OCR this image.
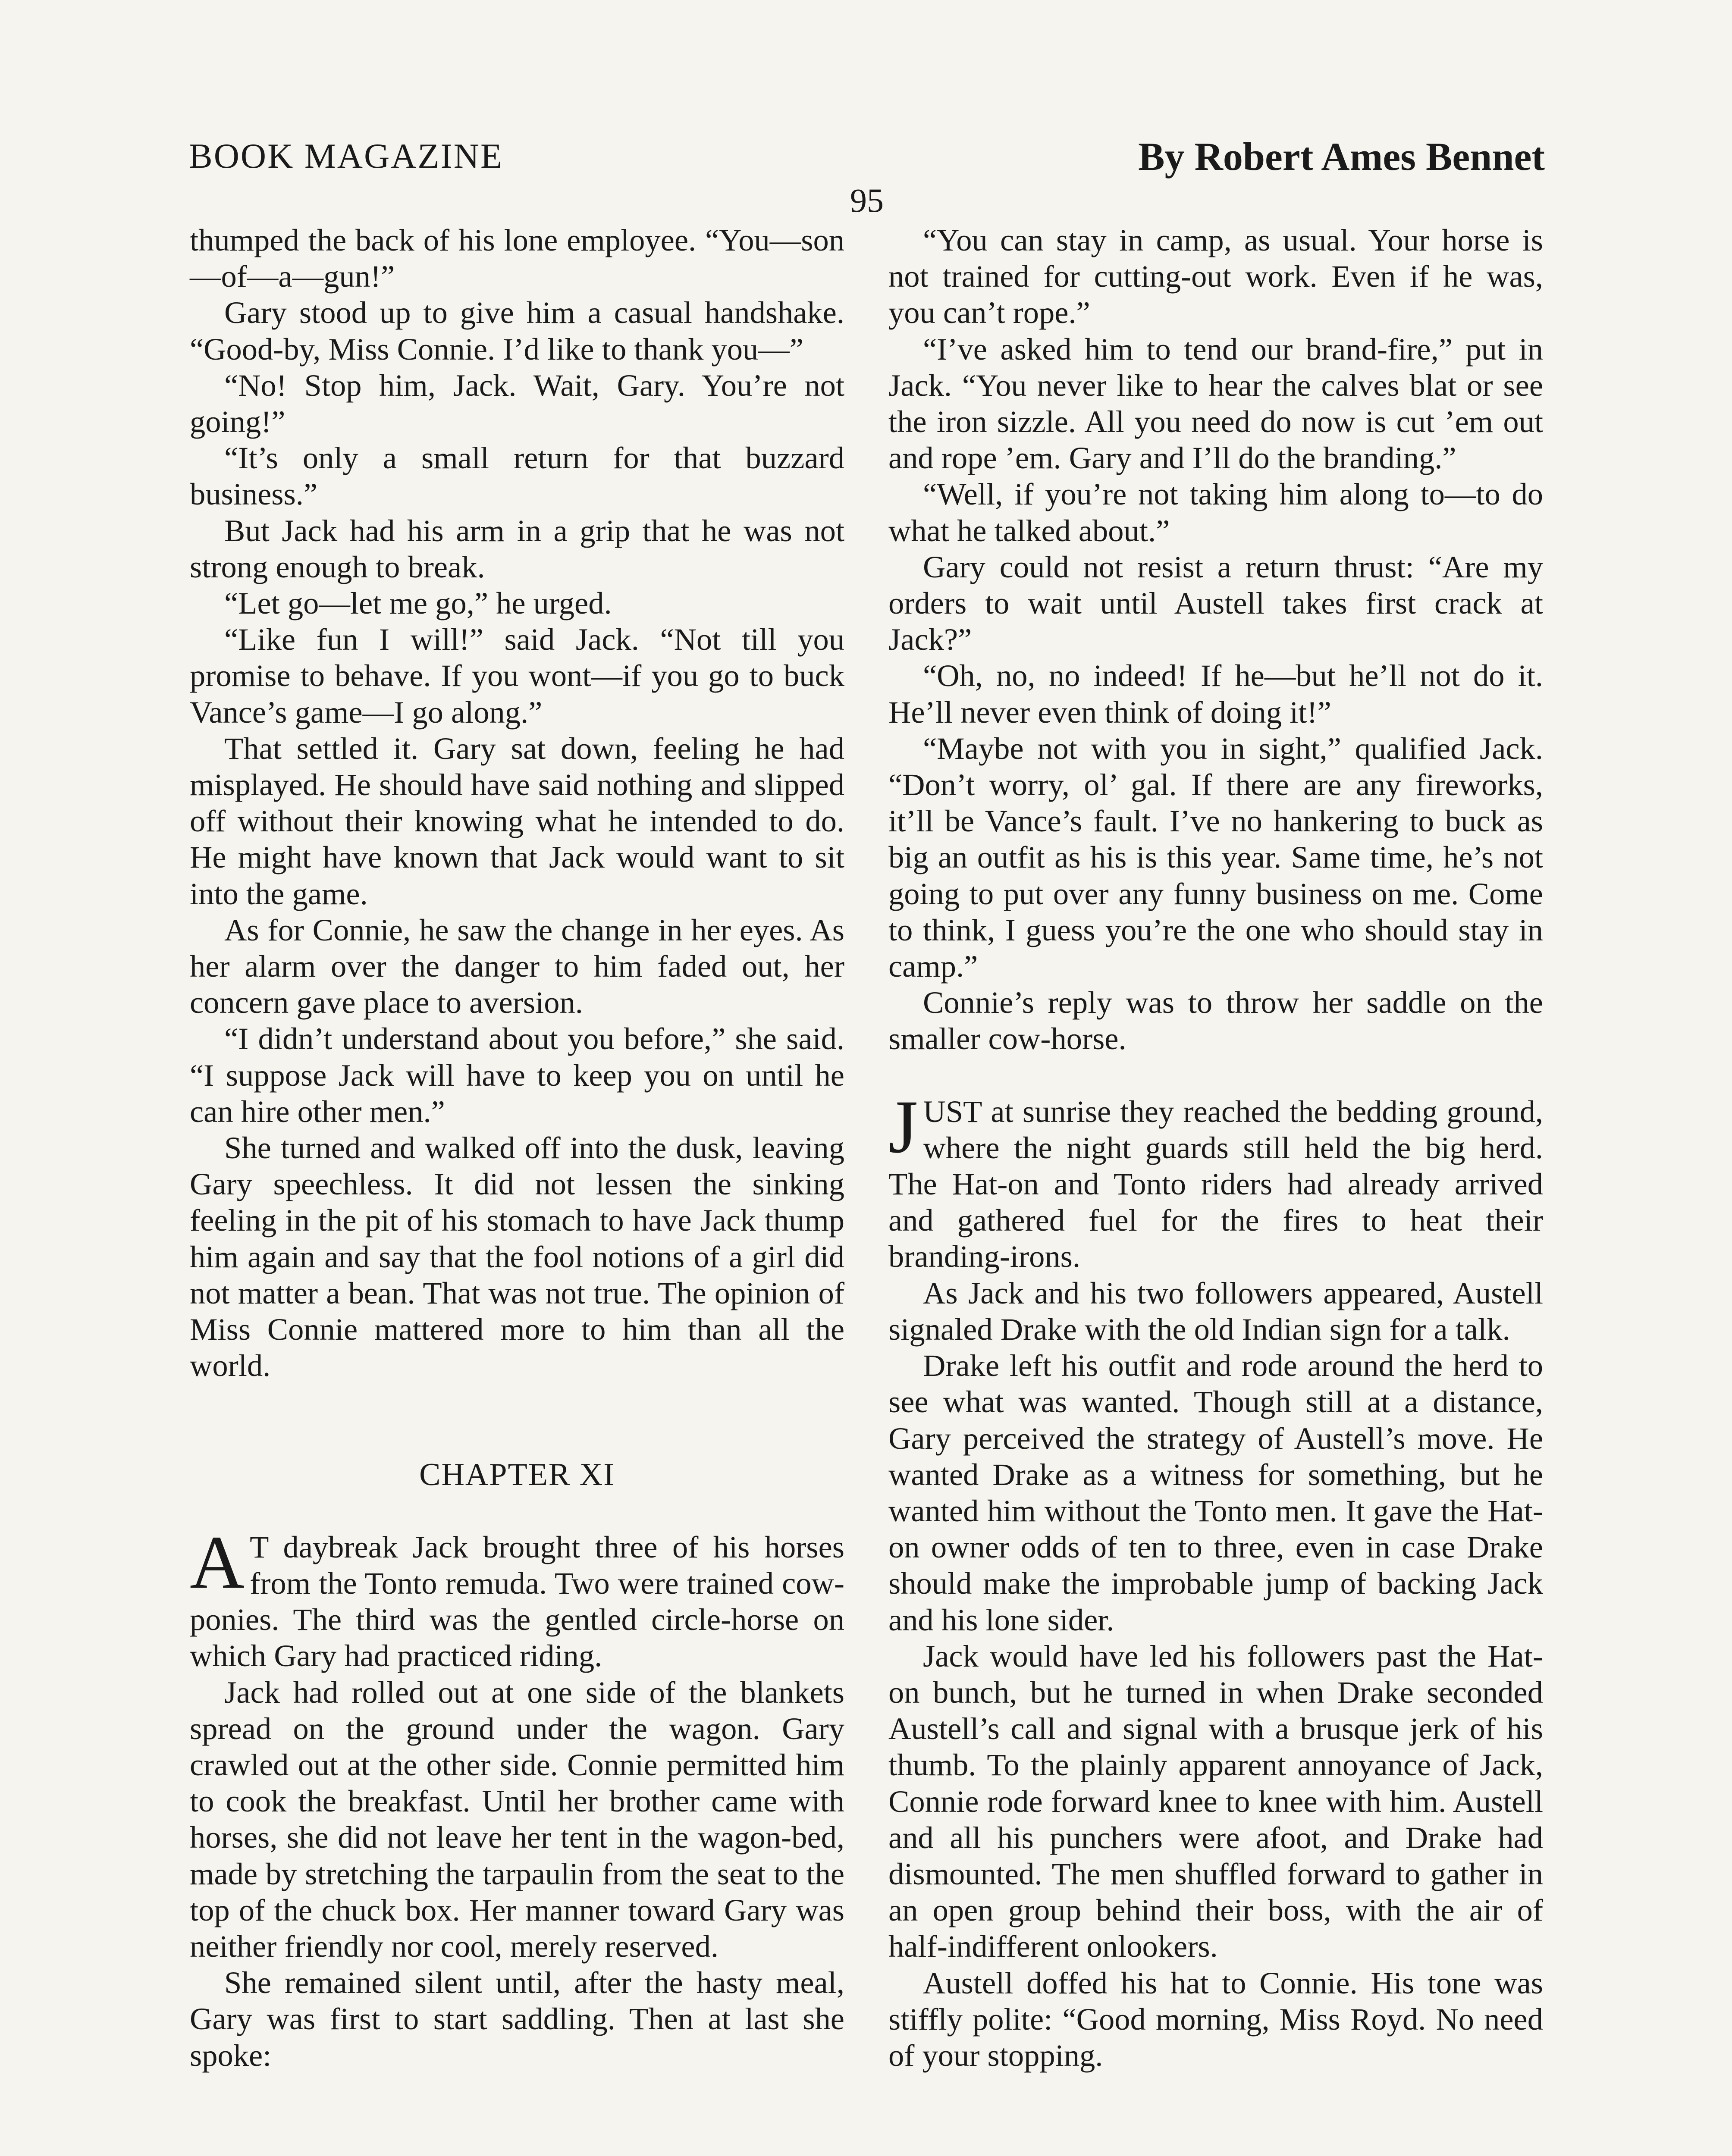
BOOK MAGAZINE	By Robert Ames Bennet
95

thumped the back of his lone employee. “You—son—of—a—gun!”

Gary stood up to give him a casual handshake. “Good-by, Miss Connie. I’d like to thank you—”

“No! Stop him, Jack. Wait, Gary. You’re not going!”

“It’s only a small return for that buzzard business.”

But Jack had his arm in a grip that he was not strong enough to break.

“Let go—let me go,” he urged.

“Like fun I will!” said Jack. “Not till you promise to behave. If you wont—if you go to buck Vance’s game—I go along.”

That settled it. Gary sat down, feeling he had misplayed. He should have said nothing and slipped off without their knowing what he intended to do. He might have known that Jack would want to sit into the game.

As for Connie, he saw the change in her eyes. As her alarm over the danger to him faded out, her concern gave place to aversion.

“I didn’t understand about you before,” she said. “I suppose Jack will have to keep you on until he can hire other men.”

She turned and walked off into the dusk, leaving Gary speechless. It did not lessen the sinking feeling in the pit of his stomach to have Jack thump him again and say that the fool notions of a girl did not matter a bean. That was not true. The opinion of Miss Connie mattered more to him than all the world.

CHAPTER XI

A T daybreak Jack brought three of his horses from the Tonto remuda. Two were trained cow-ponies. The third was the gentled circle-horse on which Gary had practiced riding.

Jack had rolled out at one side of the blankets spread on the ground under the wagon. Gary crawled out at the other side. Connie permitted him to cook the breakfast. Until her brother came with horses, she did not leave her tent in the wagon-bed, made by stretching the tarpaulin from the seat to the top of the chuck box. Her manner toward Gary was neither friendly nor cool, merely reserved.

She remained silent until, after the hasty meal, Gary was first to start saddling. Then at last she spoke:

“You can stay in camp, as usual. Your horse is not trained for cutting-out work. Even if he was, you can’t rope.”

“I’ve asked him to tend our brand-fire,” put in Jack. “You never like to hear the calves blat or see the iron sizzle. All you need do now is cut ’em out and rope ’em. Gary and I’ll do the branding.”

“Well, if you’re not taking him along to—to do what he talked about.”

Gary could not resist a return thrust: “Are my orders to wait until Austell takes first crack at Jack?”

“Oh, no, no indeed! If he—but he’ll not do it. He’ll never even think of doing it!”

“Maybe not with you in sight,” qualified Jack. “Don’t worry, ol’ gal. If there are any fireworks, it’ll be Vance’s fault. I’ve no hankering to buck as big an outfit as his is this year. Same time, he’s not going to put over any funny business on me. Come to think, I guess you’re the one who should stay in camp.”

Connie’s reply was to throw her saddle on the smaller cow-horse.

JUST at sunrise they reached the bedding ground, where the night guards still held the big herd. The Hat-on and Tonto riders had already arrived and gathered fuel for the fires to heat their branding-irons.

As Jack and his two followers appeared, Austell signaled Drake with the old Indian sign for a talk.

Drake left his outfit and rode around the herd to see what was wanted. Though still at a distance, Gary perceived the strategy of Austell’s move. He wanted Drake as a witness for something, but he wanted him without the Tonto men. It gave the Hat-on owner odds of ten to three, even in case Drake should make the improbable jump of backing Jack and his lone sider.

Jack would have led his followers past the Hat-on bunch, but he turned in when Drake seconded Austell’s call and signal with a brusque jerk of his thumb. To the plainly apparent annoyance of Jack, Connie rode forward knee to knee with him. Austell and all his punchers were afoot, and Drake had dismounted. The men shuffled forward to gather in an open group behind their boss, with the air of half-indifferent onlookers.

Austell doffed his hat to Connie. His tone was stiffly polite: “Good morning, Miss Royd. No need of your stopping.
